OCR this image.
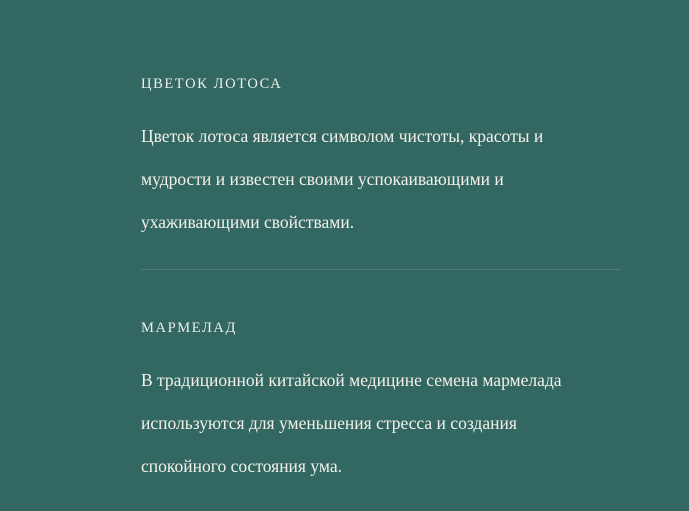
ЦВЕТОК ЛОТОСА

Цветок лотоса является символом чистоты, красоты и мудрости и известен своими успокаивающими и ухаживающими свойствами.

МАРМЕЛАД

В традиционной китайской медицине семена мармелада используются для уменьшения стресса и создания спокойного состояния ума.
